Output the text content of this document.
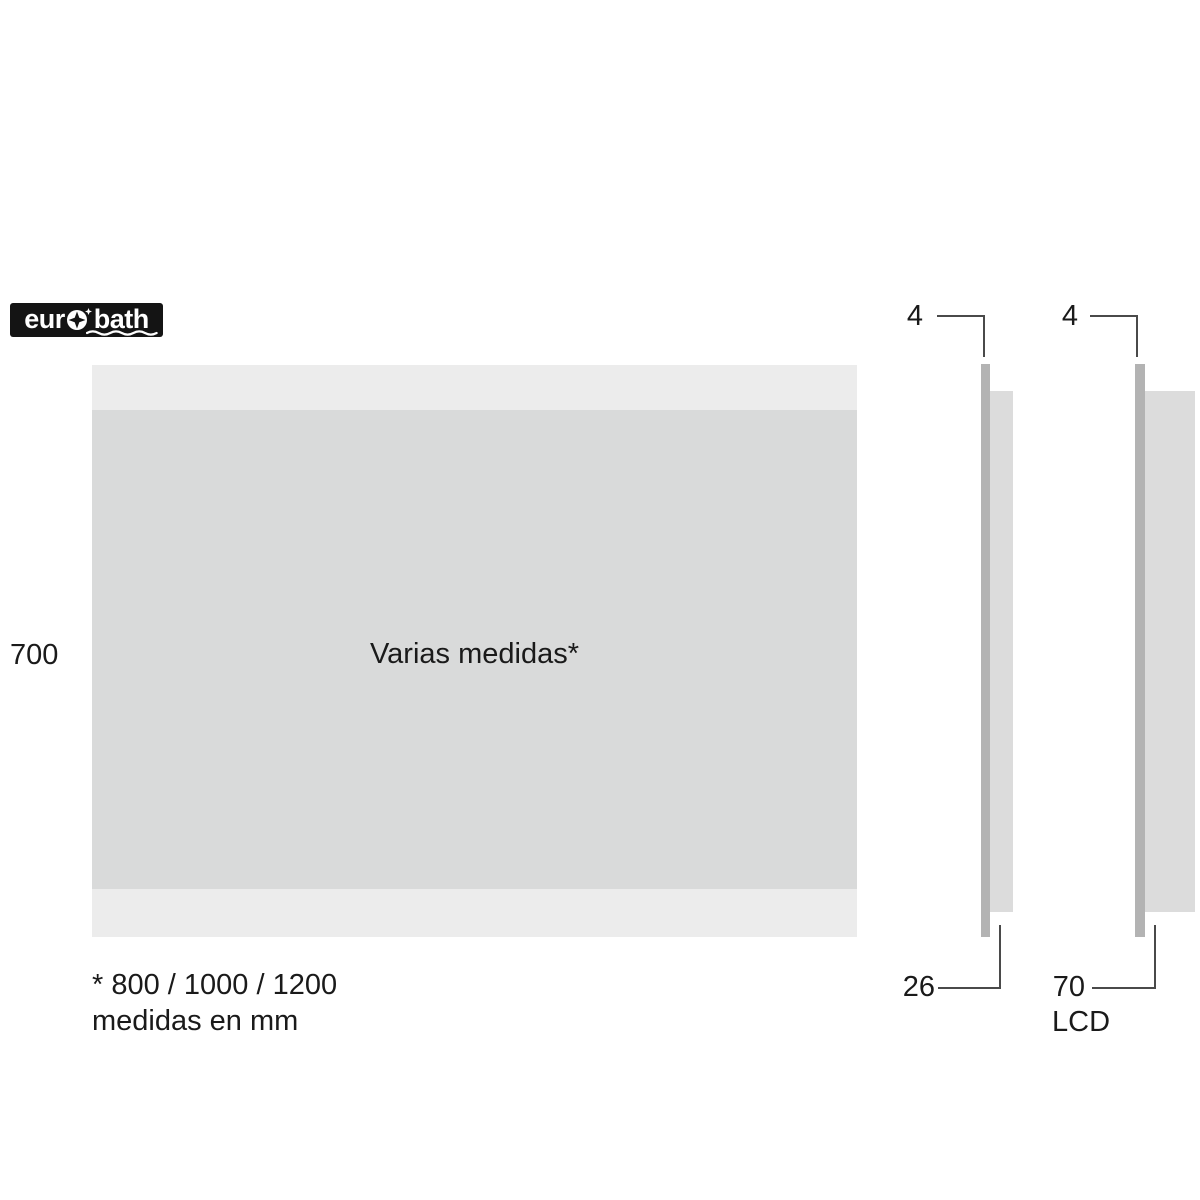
eur bath
700	Varias medidas*
4
26
4
70
LCD
* 800 / 1000 / 1200
medidas en mm
